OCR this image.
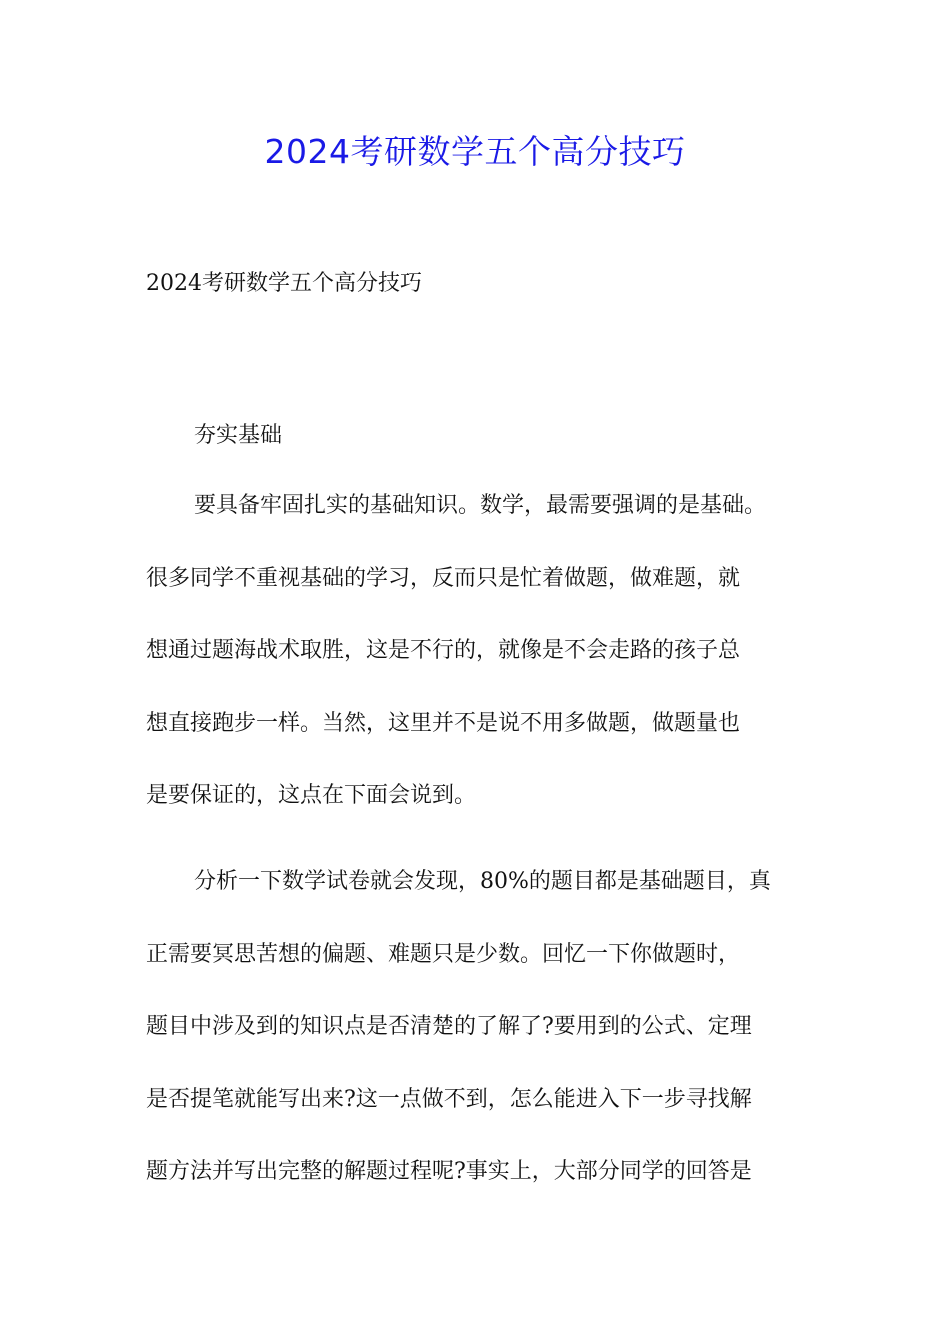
2024考研数学五个高分技巧

2024考研数学五个高分技巧

夯实基础

要具备牢固扎实的基础知识。数学，最需要强调的是基础。
很多同学不重视基础的学习，反而只是忙着做题，做难题，就
想通过题海战术取胜，这是不行的，就像是不会走路的孩子总
想直接跑步一样。当然，这里并不是说不用多做题，做题量也
是要保证的，这点在下面会说到。
分析一下数学试卷就会发现，80%的题目都是基础题目，真
正需要冥思苦想的偏题、难题只是少数。回忆一下你做题时，
题目中涉及到的知识点是否清楚的了解了?要用到的公式、定理
是否提笔就能写出来?这一点做不到，怎么能进入下一步寻找解
题方法并写出完整的解题过程呢?事实上，大部分同学的回答是
